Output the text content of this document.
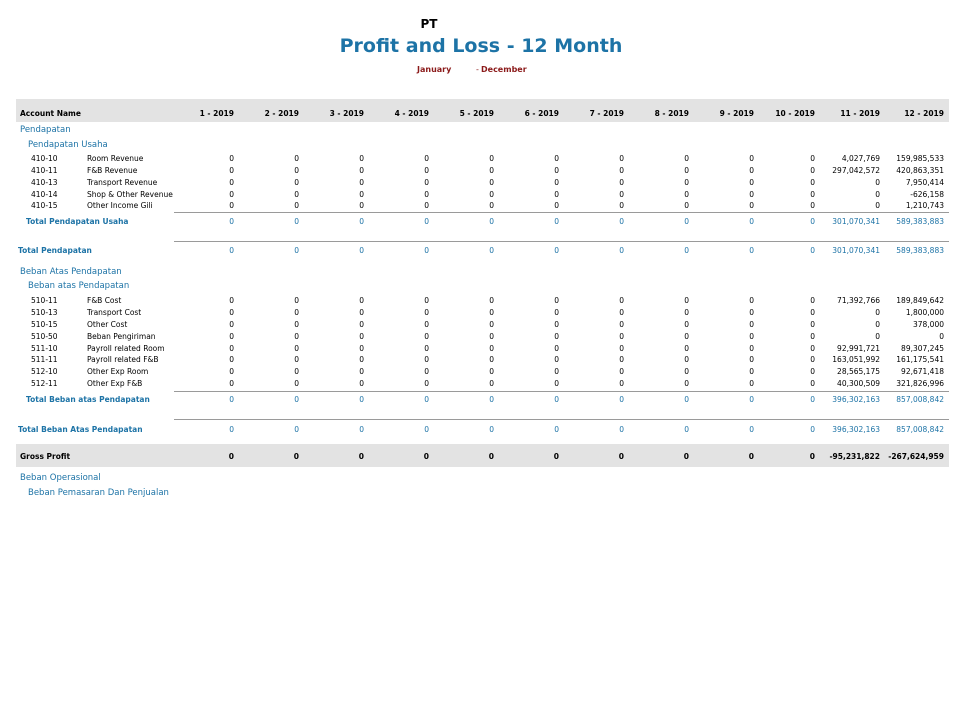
PT
Profit and Loss - 12 Month
January	- December
Account Name	1 - 2019	2 - 2019	3 - 2019	4 - 2019	5 - 2019	6 - 2019	7 - 2019	8 - 2019	9 - 2019	10 - 2019	11 - 2019	12 - 2019
Pendapatan
Pendapatan Usaha
410-10	Room Revenue	0	0	0	0	0	0	0	0	0	0	4,027,769	159,985,533
410-11	F&B Revenue	0	0	0	0	0	0	0	0	0	0	297,042,572	420,863,351
410-13	Transport Revenue	0	0	0	0	0	0	0	0	0	0	0	7,950,414
410-14	Shop & Other Revenue	0	0	0	0	0	0	0	0	0	0	0	-626,158
410-15	Other Income Gili	0	0	0	0	0	0	0	0	0	0	0	1,210,743
Total Pendapatan Usaha	0	0	0	0	0	0	0	0	0	0	301,070,341	589,383,883
Total Pendapatan	0	0	0	0	0	0	0	0	0	0	301,070,341	589,383,883
Beban Atas Pendapatan
Beban atas Pendapatan
510-11	F&B Cost	0	0	0	0	0	0	0	0	0	0	71,392,766	189,849,642
510-13	Transport Cost	0	0	0	0	0	0	0	0	0	0	0	1,800,000
510-15	Other Cost	0	0	0	0	0	0	0	0	0	0	0	378,000
510-50	Beban Pengiriman	0	0	0	0	0	0	0	0	0	0	0	0
511-10	Payroll related Room	0	0	0	0	0	0	0	0	0	0	92,991,721	89,307,245
511-11	Payroll related F&B	0	0	0	0	0	0	0	0	0	0	163,051,992	161,175,541
512-10	Other Exp Room	0	0	0	0	0	0	0	0	0	0	28,565,175	92,671,418
512-11	Other Exp F&B	0	0	0	0	0	0	0	0	0	0	40,300,509	321,826,996
Total Beban atas Pendapatan	0	0	0	0	0	0	0	0	0	0	396,302,163	857,008,842
Total Beban Atas Pendapatan	0	0	0	0	0	0	0	0	0	0	396,302,163	857,008,842
Gross Profit	0	0	0	0	0	0	0	0	0	0	-95,231,822	-267,624,959
Beban Operasional
Beban Pemasaran Dan Penjualan
